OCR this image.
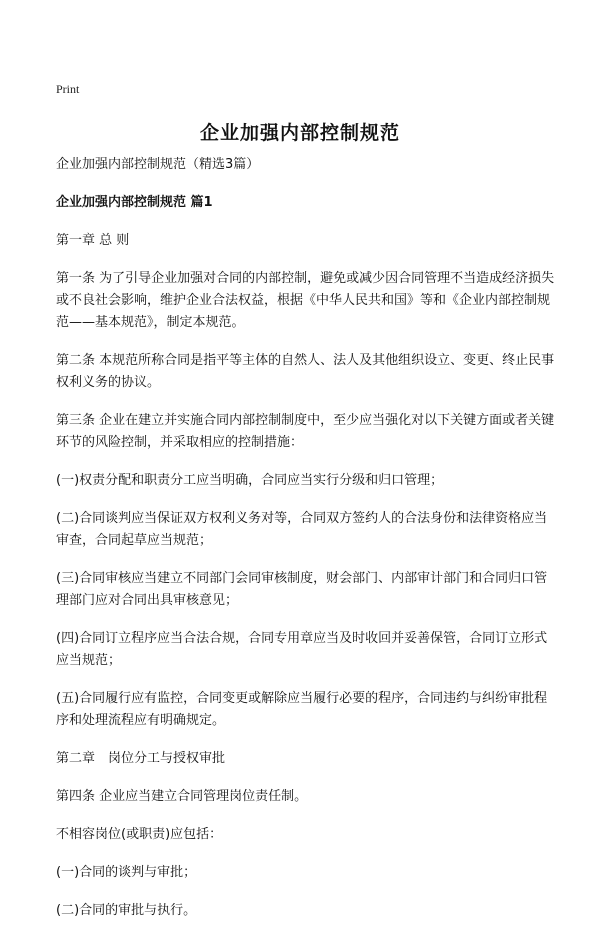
Print
企业加强内部控制规范

企业加强内部控制规范（精选3篇）

企业加强内部控制规范 篇1

第一章 总 则

第一条 为了引导企业加强对合同的内部控制，避免或减少因合同管理不当造成经济损失或不良社会影响，维护企业合法权益，根据《中华人民共和国》等和《企业内部控制规范——基本规范》，制定本规范。

第二条 本规范所称合同是指平等主体的自然人、法人及其他组织设立、变更、终止民事权利义务的协议。

第三条 企业在建立并实施合同内部控制制度中，至少应当强化对以下关键方面或者关键环节的风险控制，并采取相应的控制措施：

(一)权责分配和职责分工应当明确，合同应当实行分级和归口管理；

(二)合同谈判应当保证双方权利义务对等，合同双方签约人的合法身份和法律资格应当审查，合同起草应当规范；

(三)合同审核应当建立不同部门会同审核制度，财会部门、内部审计部门和合同归口管理部门应对合同出具审核意见；

(四)合同订立程序应当合法合规，合同专用章应当及时收回并妥善保管，合同订立形式应当规范；

(五)合同履行应有监控，合同变更或解除应当履行必要的程序，合同违约与纠纷审批程序和处理流程应有明确规定。

第二章　岗位分工与授权审批

第四条 企业应当建立合同管理岗位责任制。

不相容岗位(或职责)应包括：

(一)合同的谈判与审批；

(二)合同的审批与执行。
